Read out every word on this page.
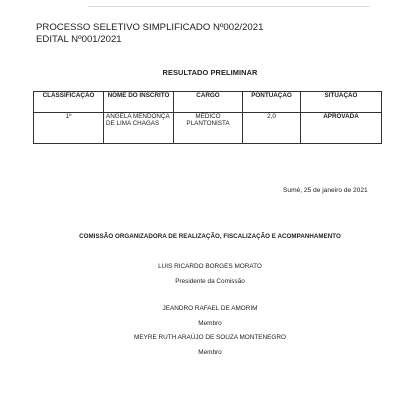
PROCESSO SELETIVO SIMPLIFICADO Nº002/2021
EDITAL Nº001/2021
RESULTADO PRELIMINAR
CLASSIFICAÇÃO	NOME DO INSCRITO	CARGO	PONTUAÇÃO	SITUAÇÃO
1º	ANGELA MENDONÇA DE LIMA CHAGAS	MÉDICO PLANTONISTA	2,0	APROVADA
Sumé, 25 de janeiro de 2021
COMISSÃO ORGANIZADORA DE REALIZAÇÃO, FISCALIZAÇÃO E ACOMPANHAMENTO
LUIS RICARDO BORGES MORATO
Presidente da Comissão
JEANDRO RAFAEL DE AMORIM
Membro
MEYRE RUTH ARAÚJO DE SOUZA MONTENEGRO
Membro
